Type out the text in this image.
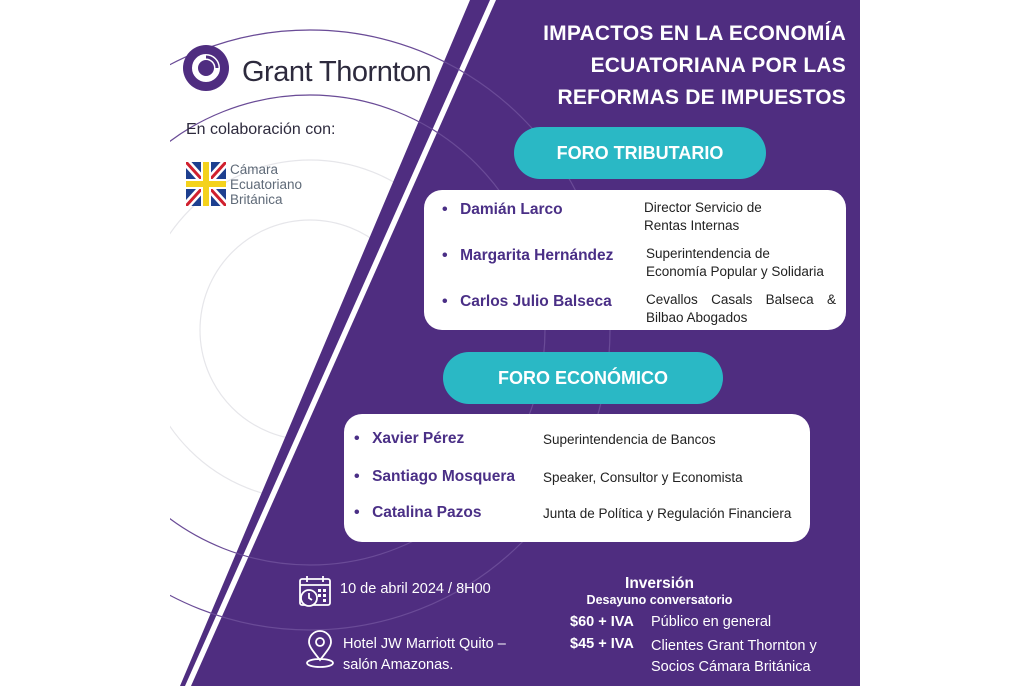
Grant Thornton
En colaboración con:
Cámara
Ecuatoriano
Británica
IMPACTOS EN LA ECONOMÍA
ECUATORIANA POR LAS
REFORMAS DE IMPUESTOS
FORO TRIBUTARIO
• Damián Larco	Director Servicio de
Rentas Internas
• Margarita Hernández Superintendencia de
Economía Popular y Solidaria
• Carlos Julio Balseca	Cevallos Casals Balseca &
Bilbao Abogados
FORO ECONÓMICO
• Xavier Pérez	Superintendencia de Bancos
• Santiago Mosquera Speaker, Consultor y Economista
• Catalina Pazos	Junta de Política y Regulación Financiera
10 de abril 2024 / 8H00
Hotel JW Marriott Quito –
salón Amazonas.
Inversión
Desayuno conversatorio
$60 + IVA Público en general
$45 + IVA Clientes Grant Thornton y
Socios Cámara Británica
